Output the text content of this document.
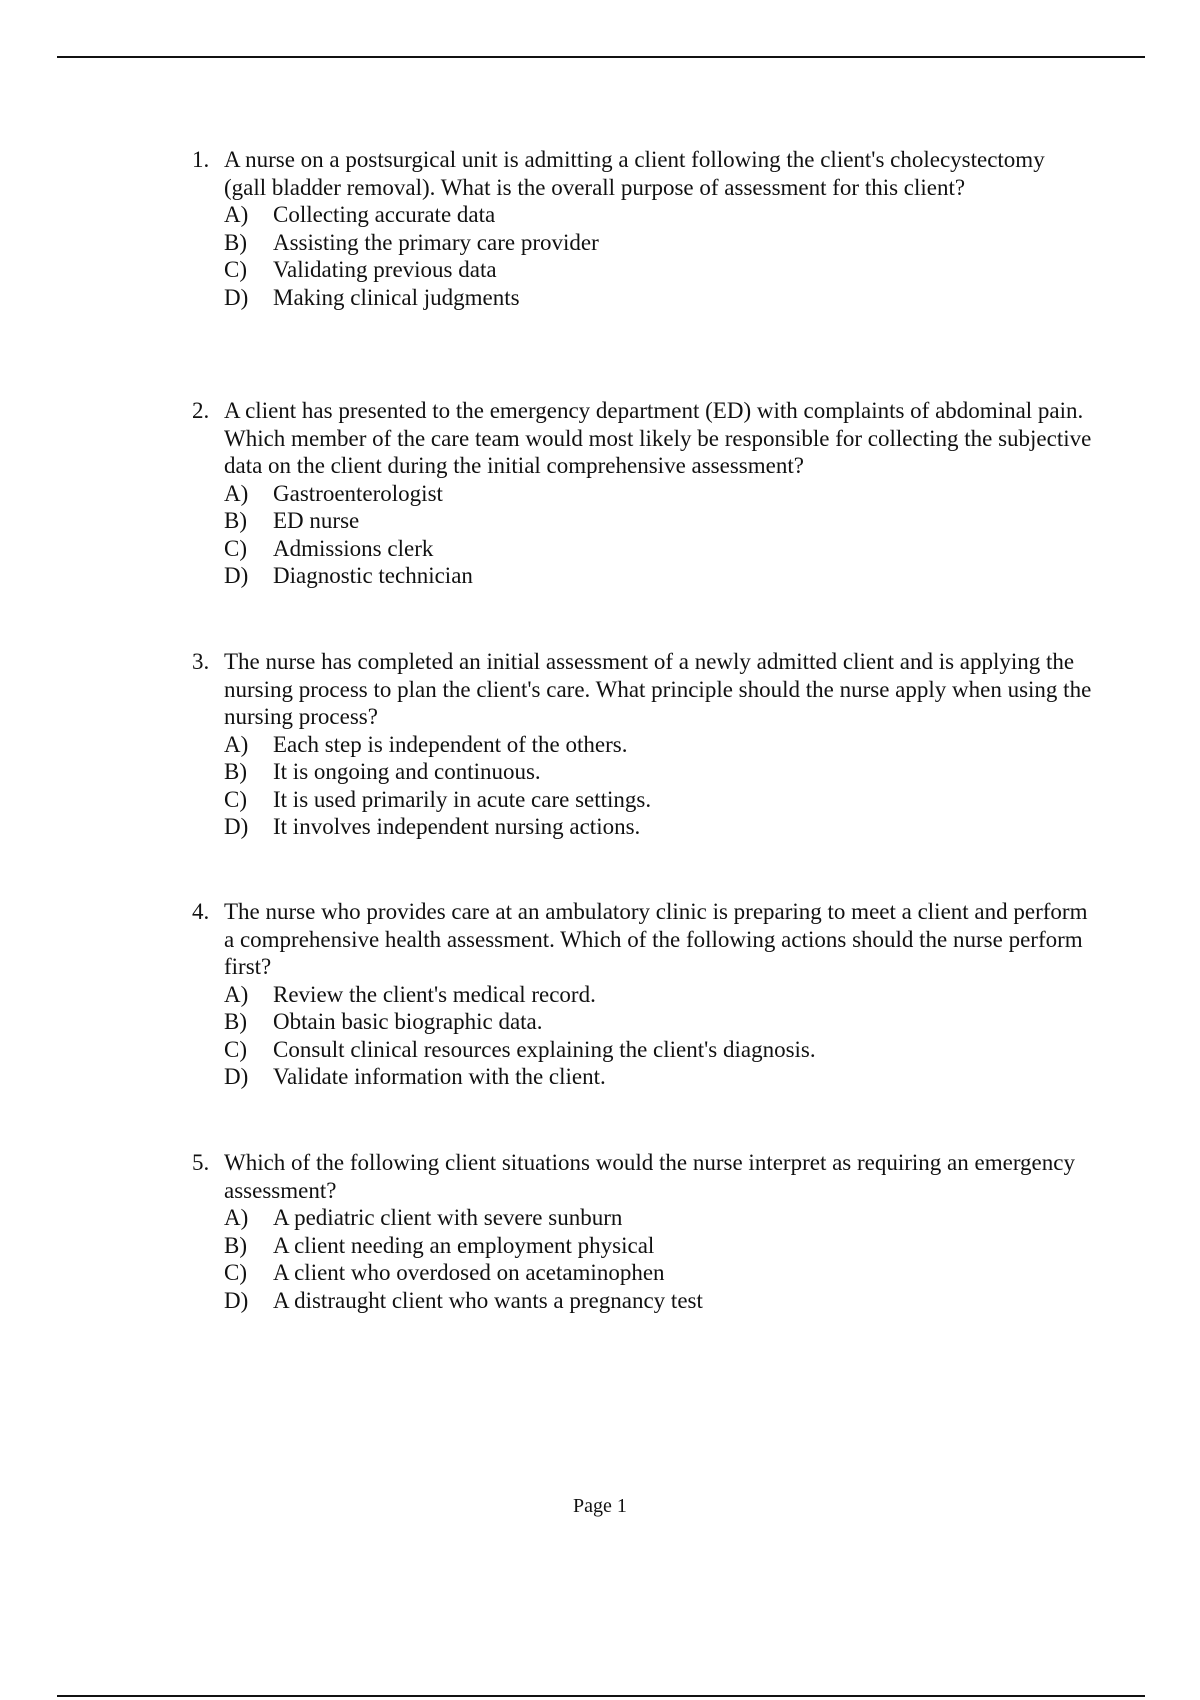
1. A nurse on a postsurgical unit is admitting a client following the client's cholecystectomy (gall bladder removal). What is the overall purpose of assessment for this client?
A)	Collecting accurate data
B)	Assisting the primary care provider
C)	Validating previous data
D)	Making clinical judgments
2. A client has presented to the emergency department (ED) with complaints of abdominal pain. Which member of the care team would most likely be responsible for collecting the subjective data on the client during the initial comprehensive assessment?
A)	Gastroenterologist
B)	ED nurse
C)	Admissions clerk
D)	Diagnostic technician
3. The nurse has completed an initial assessment of a newly admitted client and is applying the nursing process to plan the client's care. What principle should the nurse apply when using the nursing process?
A)	Each step is independent of the others.
B)	It is ongoing and continuous.
C)	It is used primarily in acute care settings.
D)	It involves independent nursing actions.
4. The nurse who provides care at an ambulatory clinic is preparing to meet a client and perform a comprehensive health assessment. Which of the following actions should the nurse perform first?
A)	Review the client's medical record.
B)	Obtain basic biographic data.
C)	Consult clinical resources explaining the client's diagnosis.
D)	Validate information with the client.
5. Which of the following client situations would the nurse interpret as requiring an emergency assessment?
A)	A pediatric client with severe sunburn
B)	A client needing an employment physical
C)	A client who overdosed on acetaminophen
D)	A distraught client who wants a pregnancy test
Page 1
